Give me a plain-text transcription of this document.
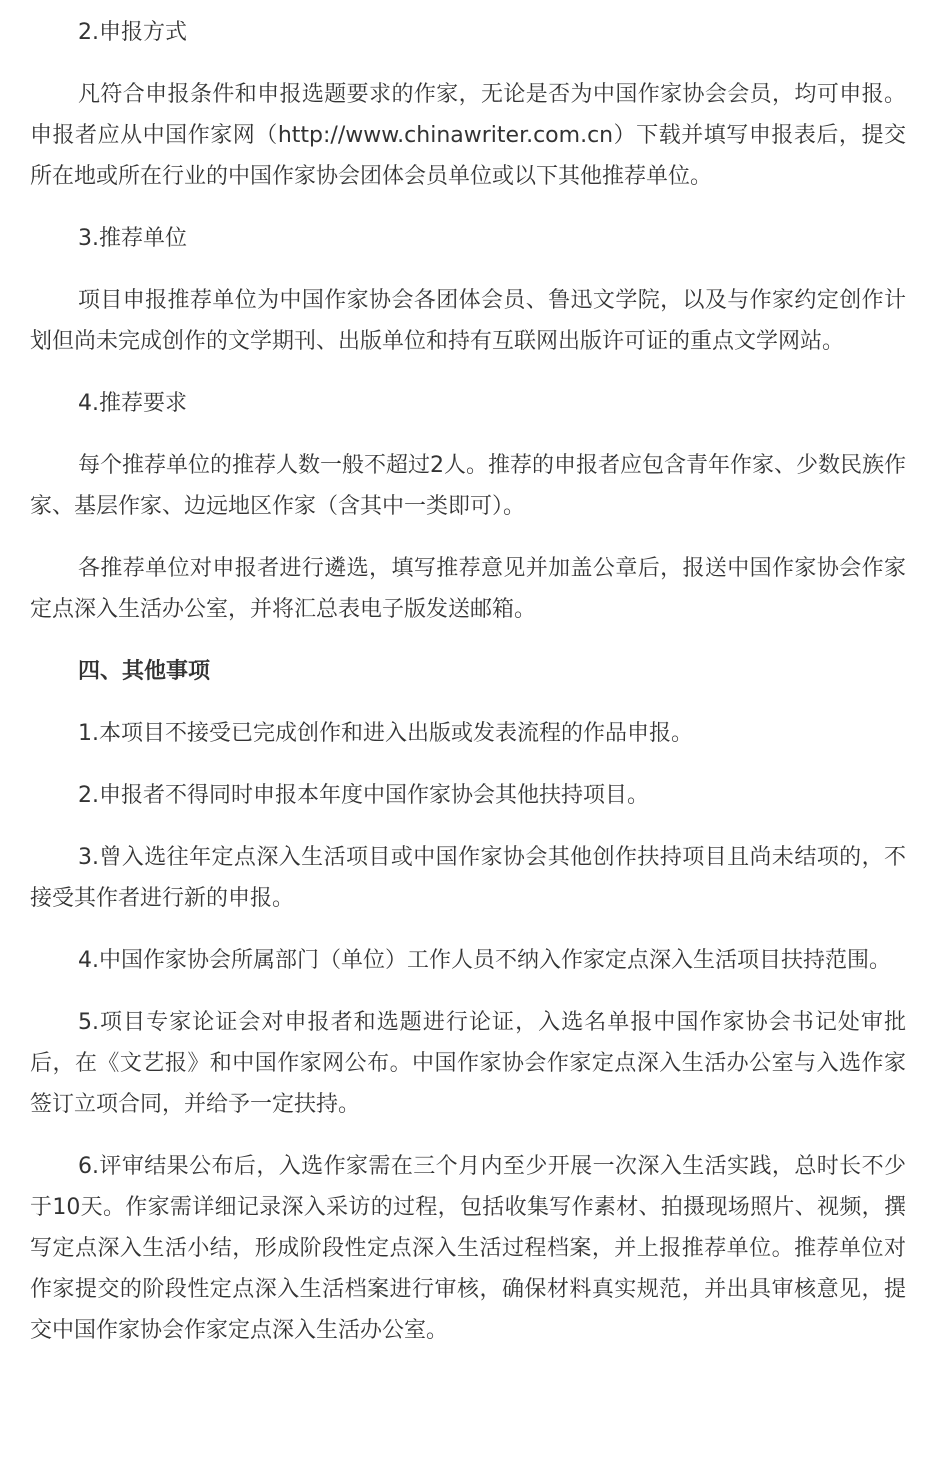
2.申报方式

凡符合申报条件和申报选题要求的作家，无论是否为中国作家协会会员，均可申报。申报者应从中国作家网（http://www.chinawriter.com.cn）下载并填写申报表后，提交所在地或所在行业的中国作家协会团体会员单位或以下其他推荐单位。

3.推荐单位

项目申报推荐单位为中国作家协会各团体会员、鲁迅文学院，以及与作家约定创作计划但尚未完成创作的文学期刊、出版单位和持有互联网出版许可证的重点文学网站。

4.推荐要求

每个推荐单位的推荐人数一般不超过2人。推荐的申报者应包含青年作家、少数民族作家、基层作家、边远地区作家（含其中一类即可）。

各推荐单位对申报者进行遴选，填写推荐意见并加盖公章后，报送中国作家协会作家定点深入生活办公室，并将汇总表电子版发送邮箱。

四、其他事项

1.本项目不接受已完成创作和进入出版或发表流程的作品申报。

2.申报者不得同时申报本年度中国作家协会其他扶持项目。

3.曾入选往年定点深入生活项目或中国作家协会其他创作扶持项目且尚未结项的，不接受其作者进行新的申报。

4.中国作家协会所属部门（单位）工作人员不纳入作家定点深入生活项目扶持范围。

5.项目专家论证会对申报者和选题进行论证，入选名单报中国作家协会书记处审批后，在《文艺报》和中国作家网公布。中国作家协会作家定点深入生活办公室与入选作家签订立项合同，并给予一定扶持。

6.评审结果公布后，入选作家需在三个月内至少开展一次深入生活实践，总时长不少于10天。作家需详细记录深入采访的过程，包括收集写作素材、拍摄现场照片、视频，撰写定点深入生活小结，形成阶段性定点深入生活过程档案，并上报推荐单位。推荐单位对作家提交的阶段性定点深入生活档案进行审核，确保材料真实规范，并出具审核意见，提交中国作家协会作家定点深入生活办公室。
